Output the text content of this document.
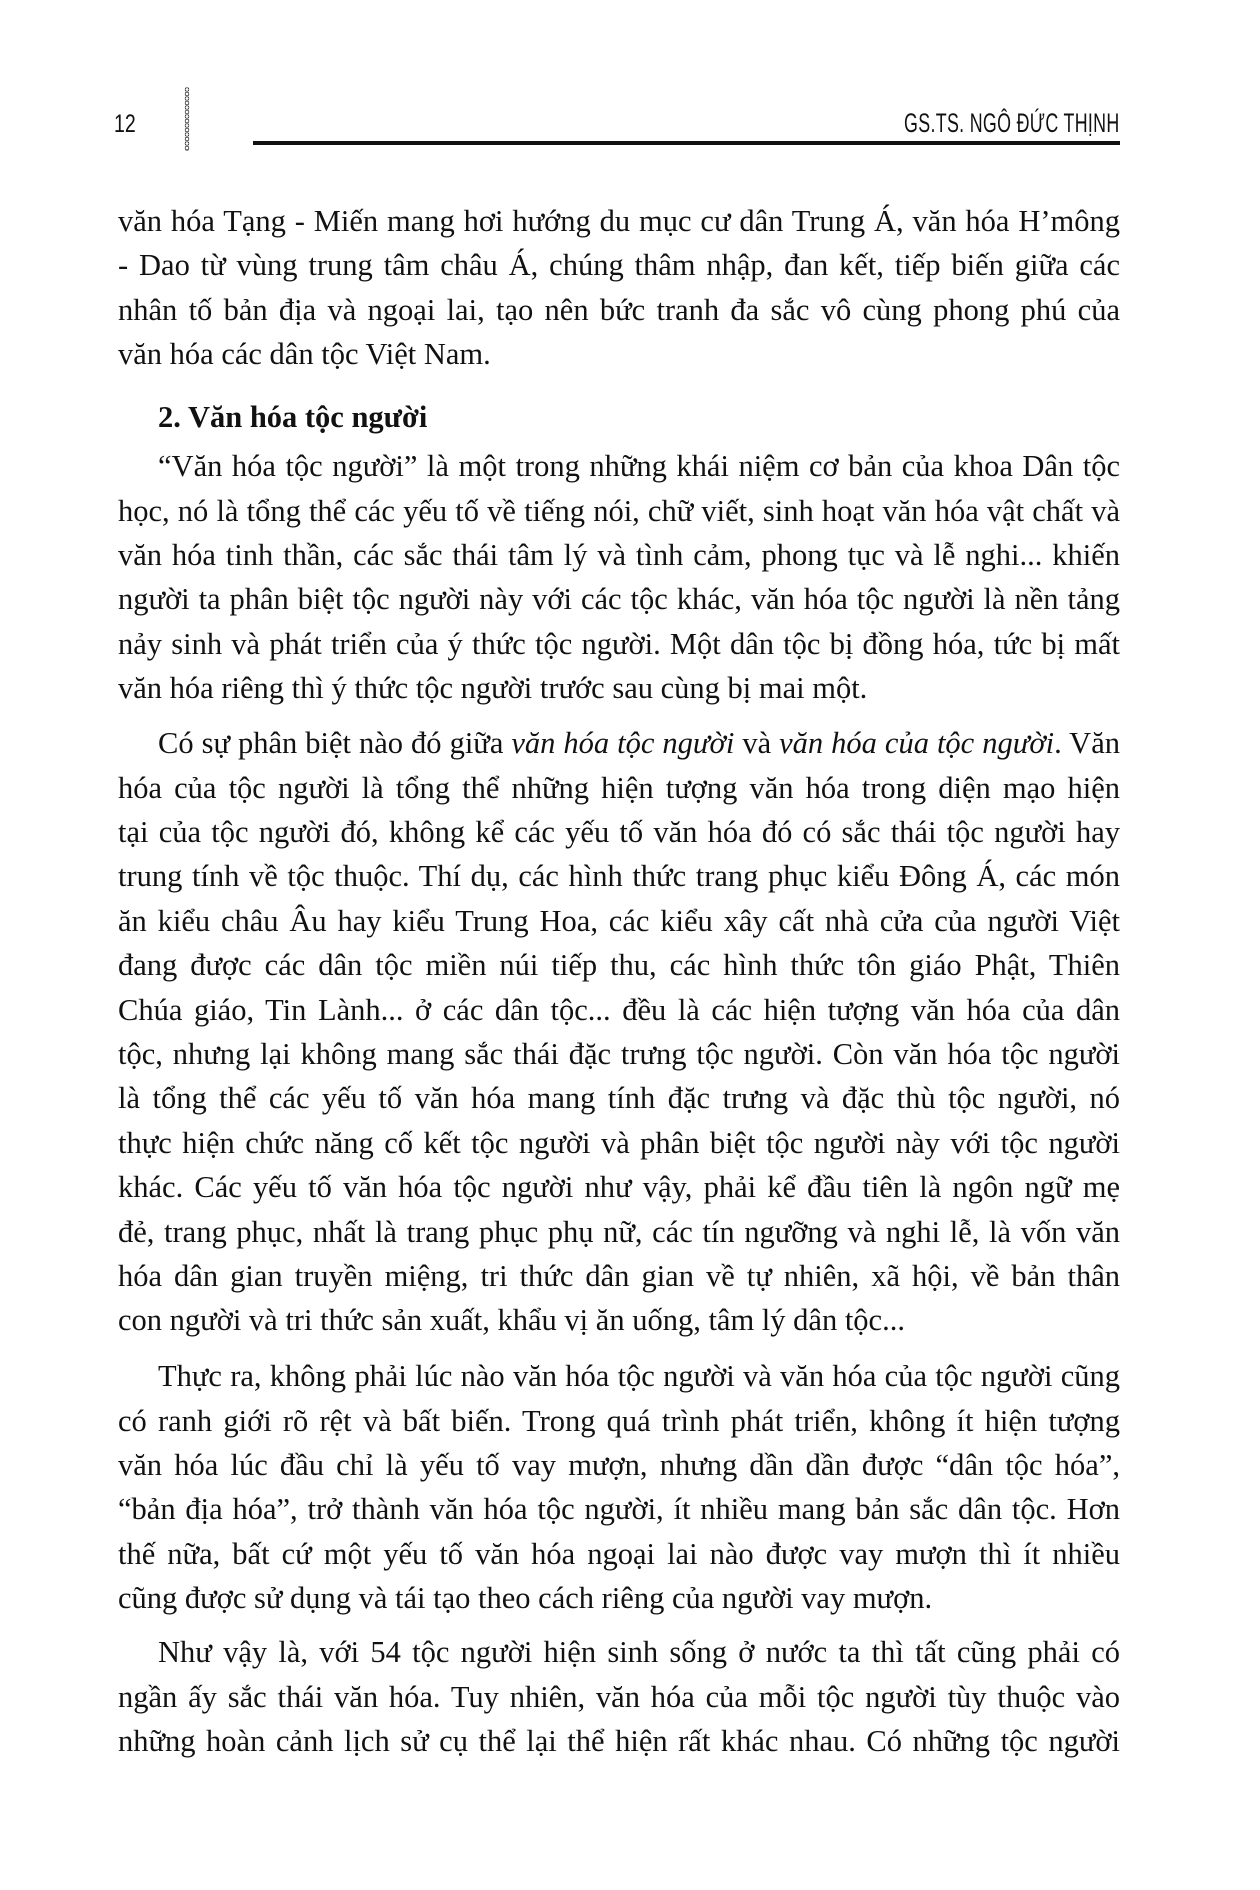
12	GS.TS. NGÔ ĐỨC THỊNH
văn hóa Tạng - Miến mang hơi hướng du mục cư dân Trung Á, văn hóa H’mông
- Dao từ vùng trung tâm châu Á, chúng thâm nhập, đan kết, tiếp biến giữa các
nhân tố bản địa và ngoại lai, tạo nên bức tranh đa sắc vô cùng phong phú của
văn hóa các dân tộc Việt Nam.
2. Văn hóa tộc người
“Văn hóa tộc người” là một trong những khái niệm cơ bản của khoa Dân tộc
học, nó là tổng thể các yếu tố về tiếng nói, chữ viết, sinh hoạt văn hóa vật chất và
văn hóa tinh thần, các sắc thái tâm lý và tình cảm, phong tục và lễ nghi... khiến
người ta phân biệt tộc người này với các tộc khác, văn hóa tộc người là nền tảng
nảy sinh và phát triển của ý thức tộc người. Một dân tộc bị đồng hóa, tức bị mất
văn hóa riêng thì ý thức tộc người trước sau cùng bị mai một.
Có sự phân biệt nào đó giữa văn hóa tộc người và văn hóa của tộc người. Văn
hóa của tộc người là tổng thể những hiện tượng văn hóa trong diện mạo hiện
tại của tộc người đó, không kể các yếu tố văn hóa đó có sắc thái tộc người hay
trung tính về tộc thuộc. Thí dụ, các hình thức trang phục kiểu Đông Á, các món
ăn kiểu châu Âu hay kiểu Trung Hoa, các kiểu xây cất nhà cửa của người Việt
đang được các dân tộc miền núi tiếp thu, các hình thức tôn giáo Phật, Thiên
Chúa giáo, Tin Lành... ở các dân tộc... đều là các hiện tượng văn hóa của dân
tộc, nhưng lại không mang sắc thái đặc trưng tộc người. Còn văn hóa tộc người
là tổng thể các yếu tố văn hóa mang tính đặc trưng và đặc thù tộc người, nó
thực hiện chức năng cố kết tộc người và phân biệt tộc người này với tộc người
khác. Các yếu tố văn hóa tộc người như vậy, phải kể đầu tiên là ngôn ngữ mẹ
đẻ, trang phục, nhất là trang phục phụ nữ, các tín ngưỡng và nghi lễ, là vốn văn
hóa dân gian truyền miệng, tri thức dân gian về tự nhiên, xã hội, về bản thân
con người và tri thức sản xuất, khẩu vị ăn uống, tâm lý dân tộc...
Thực ra, không phải lúc nào văn hóa tộc người và văn hóa của tộc người cũng
có ranh giới rõ rệt và bất biến. Trong quá trình phát triển, không ít hiện tượng
văn hóa lúc đầu chỉ là yếu tố vay mượn, nhưng dần dần được “dân tộc hóa”,
“bản địa hóa”, trở thành văn hóa tộc người, ít nhiều mang bản sắc dân tộc. Hơn
thế nữa, bất cứ một yếu tố văn hóa ngoại lai nào được vay mượn thì ít nhiều
cũng được sử dụng và tái tạo theo cách riêng của người vay mượn.
Như vậy là, với 54 tộc người hiện sinh sống ở nước ta thì tất cũng phải có
ngần ấy sắc thái văn hóa. Tuy nhiên, văn hóa của mỗi tộc người tùy thuộc vào
những hoàn cảnh lịch sử cụ thể lại thể hiện rất khác nhau. Có những tộc người
